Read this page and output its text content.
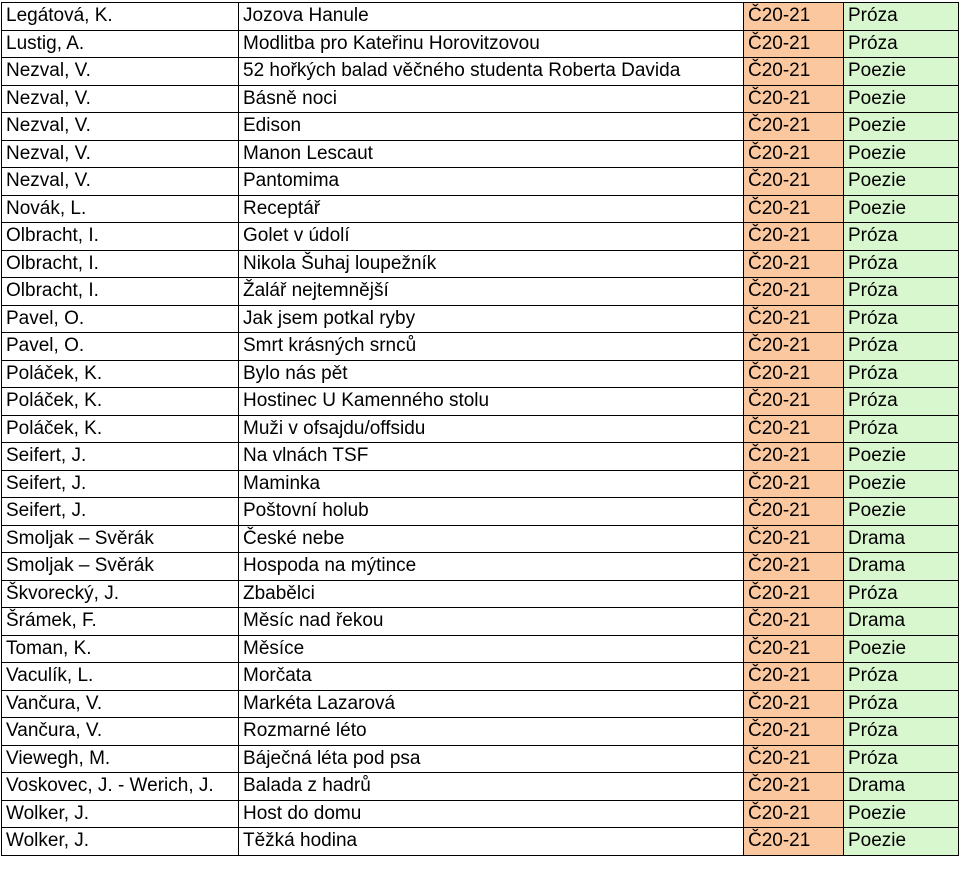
Legátová, K.	Jozova Hanule	Č20-21	Próza
Lustig, A.	Modlitba pro Kateřinu Horovitzovou	Č20-21	Próza
Nezval, V.	52 hořkých balad věčného studenta Roberta Davida	Č20-21	Poezie
Nezval, V.	Básně noci	Č20-21	Poezie
Nezval, V.	Edison	Č20-21	Poezie
Nezval, V.	Manon Lescaut	Č20-21	Poezie
Nezval, V.	Pantomima	Č20-21	Poezie
Novák, L.	Receptář	Č20-21	Poezie
Olbracht, I.	Golet v údolí	Č20-21	Próza
Olbracht, I.	Nikola Šuhaj loupežník	Č20-21	Próza
Olbracht, I.	Žalář nejtemnější	Č20-21	Próza
Pavel, O.	Jak jsem potkal ryby	Č20-21	Próza
Pavel, O.	Smrt krásných srnců	Č20-21	Próza
Poláček, K.	Bylo nás pět	Č20-21	Próza
Poláček, K.	Hostinec U Kamenného stolu	Č20-21	Próza
Poláček, K.	Muži v ofsajdu/offsidu	Č20-21	Próza
Seifert, J.	Na vlnách TSF	Č20-21	Poezie
Seifert, J.	Maminka	Č20-21	Poezie
Seifert, J.	Poštovní holub	Č20-21	Poezie
Smoljak – Svěrák	České nebe	Č20-21	Drama
Smoljak – Svěrák	Hospoda na mýtince	Č20-21	Drama
Škvorecký, J.	Zbabělci	Č20-21	Próza
Šrámek, F.	Měsíc nad řekou	Č20-21	Drama
Toman, K.	Měsíce	Č20-21	Poezie
Vaculík, L.	Morčata	Č20-21	Próza
Vančura, V.	Markéta Lazarová	Č20-21	Próza
Vančura, V.	Rozmarné léto	Č20-21	Próza
Viewegh, M.	Báječná léta pod psa	Č20-21	Próza
Voskovec, J. - Werich, J.	Balada z hadrů	Č20-21	Drama
Wolker, J.	Host do domu	Č20-21	Poezie
Wolker, J.	Těžká hodina	Č20-21	Poezie
